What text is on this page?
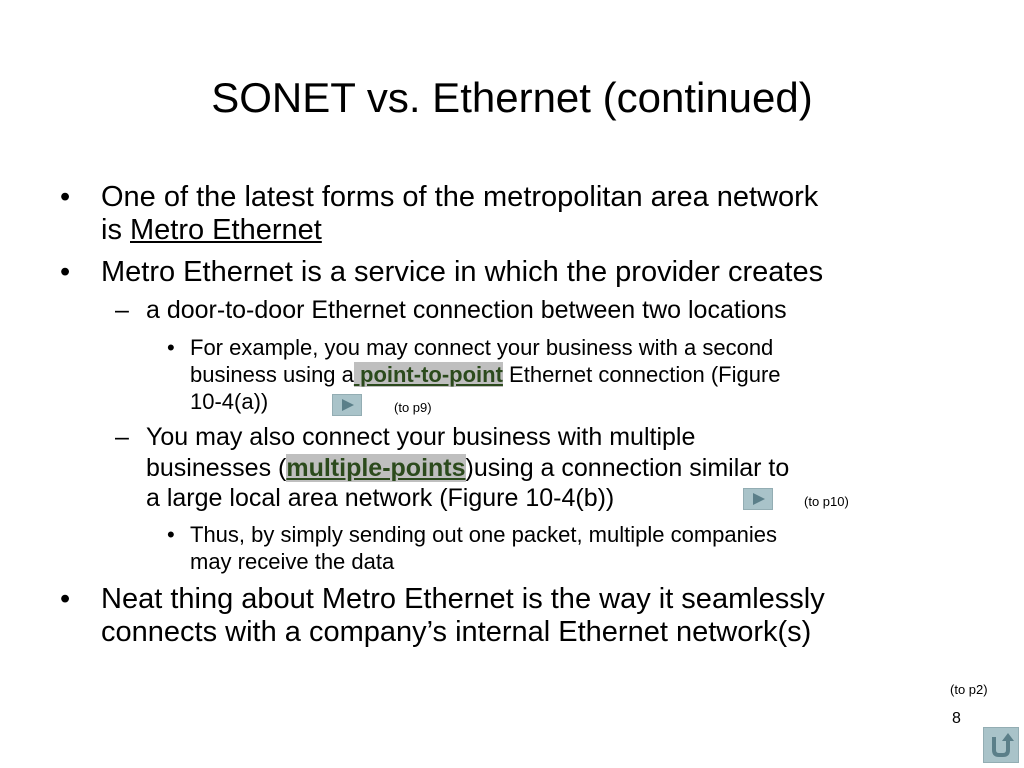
SONET vs. Ethernet (continued)
• One of the latest forms of the metropolitan area network
is Metro Ethernet
• Metro Ethernet is a service in which the provider creates
– a door-to-door Ethernet connection between two locations
• For example, you may connect your business with a second
business using a point-to-point Ethernet connection (Figure
10-4(a))	(to p9)
– You may also connect your business with multiple
businesses (multiple-points)using a connection similar to
a large local area network (Figure 10-4(b))	(to p10)
• Thus, by simply sending out one packet, multiple companies
may receive the data
• Neat thing about Metro Ethernet is the way it seamlessly
connects with a company’s internal Ethernet network(s)
(to p2)
8
